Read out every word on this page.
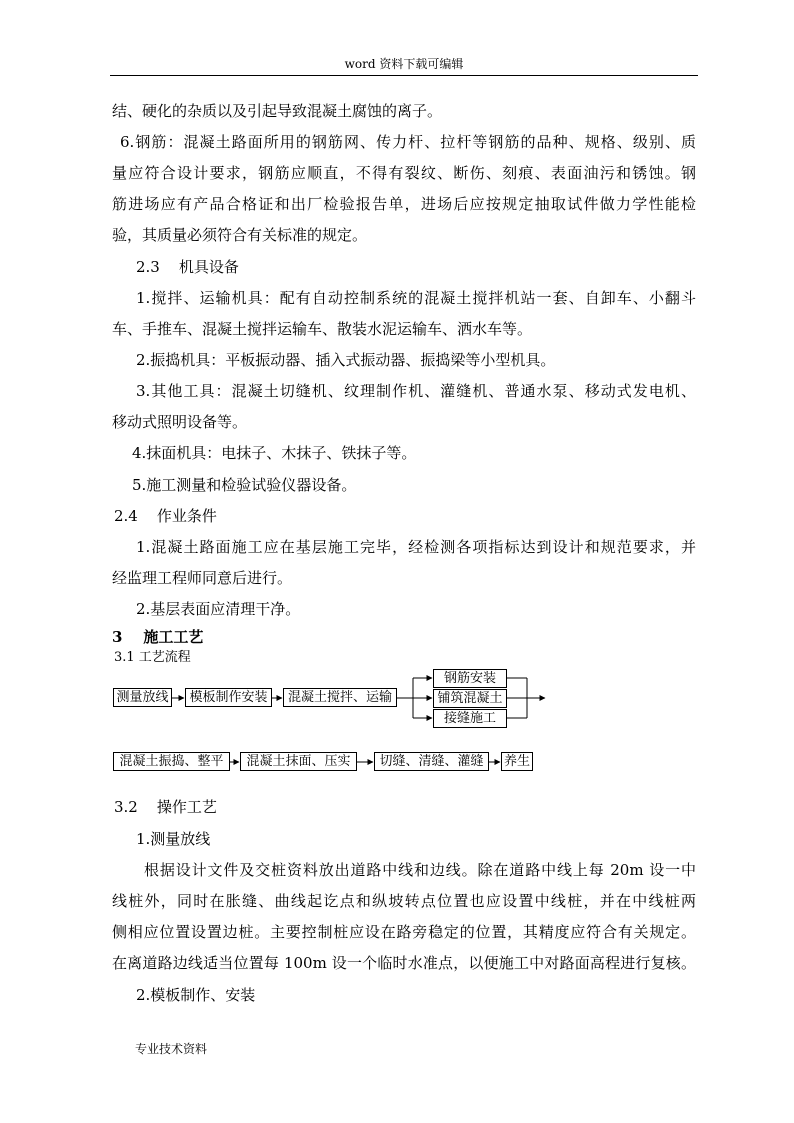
word 资料下载可编辑
结、硬化的杂质以及引起导致混凝土腐蚀的离子。
6.钢筋：混凝土路面所用的钢筋网、传力杆、拉杆等钢筋的品种、规格、级别、质
量应符合设计要求，钢筋应顺直，不得有裂纹、断伤、刻痕、表面油污和锈蚀。钢
筋进场应有产品合格证和出厂检验报告单，进场后应按规定抽取试件做力学性能检
验，其质量必须符合有关标准的规定。
2.3    机具设备
1.搅拌、运输机具：配有自动控制系统的混凝土搅拌机站一套、自卸车、小翻斗
车、手推车、混凝土搅拌运输车、散装水泥运输车、洒水车等。
2.振捣机具：平板振动器、插入式振动器、振捣梁等小型机具。
3.其他工具：混凝土切缝机、纹理制作机、灌缝机、普通水泵、移动式发电机、
移动式照明设备等。
4.抹面机具：电抹子、木抹子、铁抹子等。
5.施工测量和检验试验仪器设备。
2.4    作业条件
1.混凝土路面施工应在基层施工完毕，经检测各项指标达到设计和规范要求，并
经监理工程师同意后进行。
2.基层表面应清理干净。
3    施工工艺
3.1 工艺流程
测量放线	模板制作安装	混凝土搅拌、运输
钢筋安装
铺筑混凝土
接缝施工
混凝土振捣、整平	混凝土抹面、压实	切缝、清缝、灌缝	养生
3.2    操作工艺
1.测量放线
根据设计文件及交桩资料放出道路中线和边线。除在道路中线上每 20m 设一中
线桩外，同时在胀缝、曲线起讫点和纵坡转点位置也应设置中线桩，并在中线桩两
侧相应位置设置边桩。主要控制桩应设在路旁稳定的位置，其精度应符合有关规定。
在离道路边线适当位置每 100m 设一个临时水准点，以便施工中对路面高程进行复核。
2.模板制作、安装
专业技术资料
